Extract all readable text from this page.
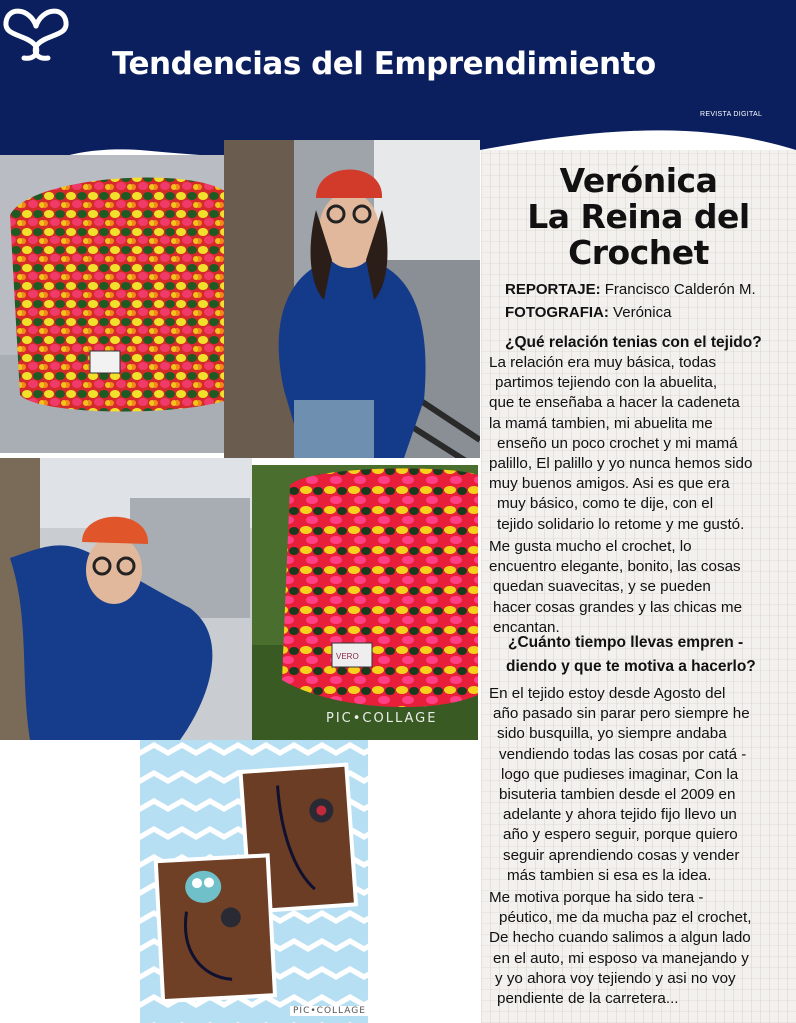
Tendencias del Emprendimiento
REVISTA DIGITAL
VERO
PIC•COLLAGE
PIC•COLLAGE
Verónica
La Reina del
Crochet
REPORTAJE: Francisco Calderón M.
FOTOGRAFIA: Verónica
¿Qué relación tenias con el tejido?
La relación era muy básica, todas
partimos tejiendo con la abuelita,
que te enseñaba a hacer la cadeneta
la mamá tambien, mi abuelita me
enseño un poco crochet y mi mamá
palillo, El palillo y yo nunca hemos sido
muy buenos amigos. Asi es que era
muy básico, como te dije, con el
tejido solidario lo retome y me gustó.
Me gusta mucho el crochet, lo
encuentro elegante, bonito, las cosas
quedan suavecitas, y se pueden
hacer cosas grandes y las chicas me
encantan.
¿Cuánto tiempo llevas empren -
diendo y que te motiva a hacerlo?
En el tejido estoy desde Agosto del
año pasado sin parar pero siempre he
sido busquilla, yo siempre andaba
vendiendo todas las cosas por catá -
logo que pudieses imaginar, Con la
bisuteria tambien desde el 2009 en
adelante y ahora tejido fijo llevo un
año y espero seguir, porque quiero
seguir aprendiendo cosas y vender
más tambien si esa es la idea.
Me motiva porque ha sido tera -
péutico, me da mucha paz el crochet,
De hecho cuando salimos a algun lado
en el auto, mi esposo va manejando y
y yo ahora voy tejiendo y asi no voy
pendiente de la carretera...
